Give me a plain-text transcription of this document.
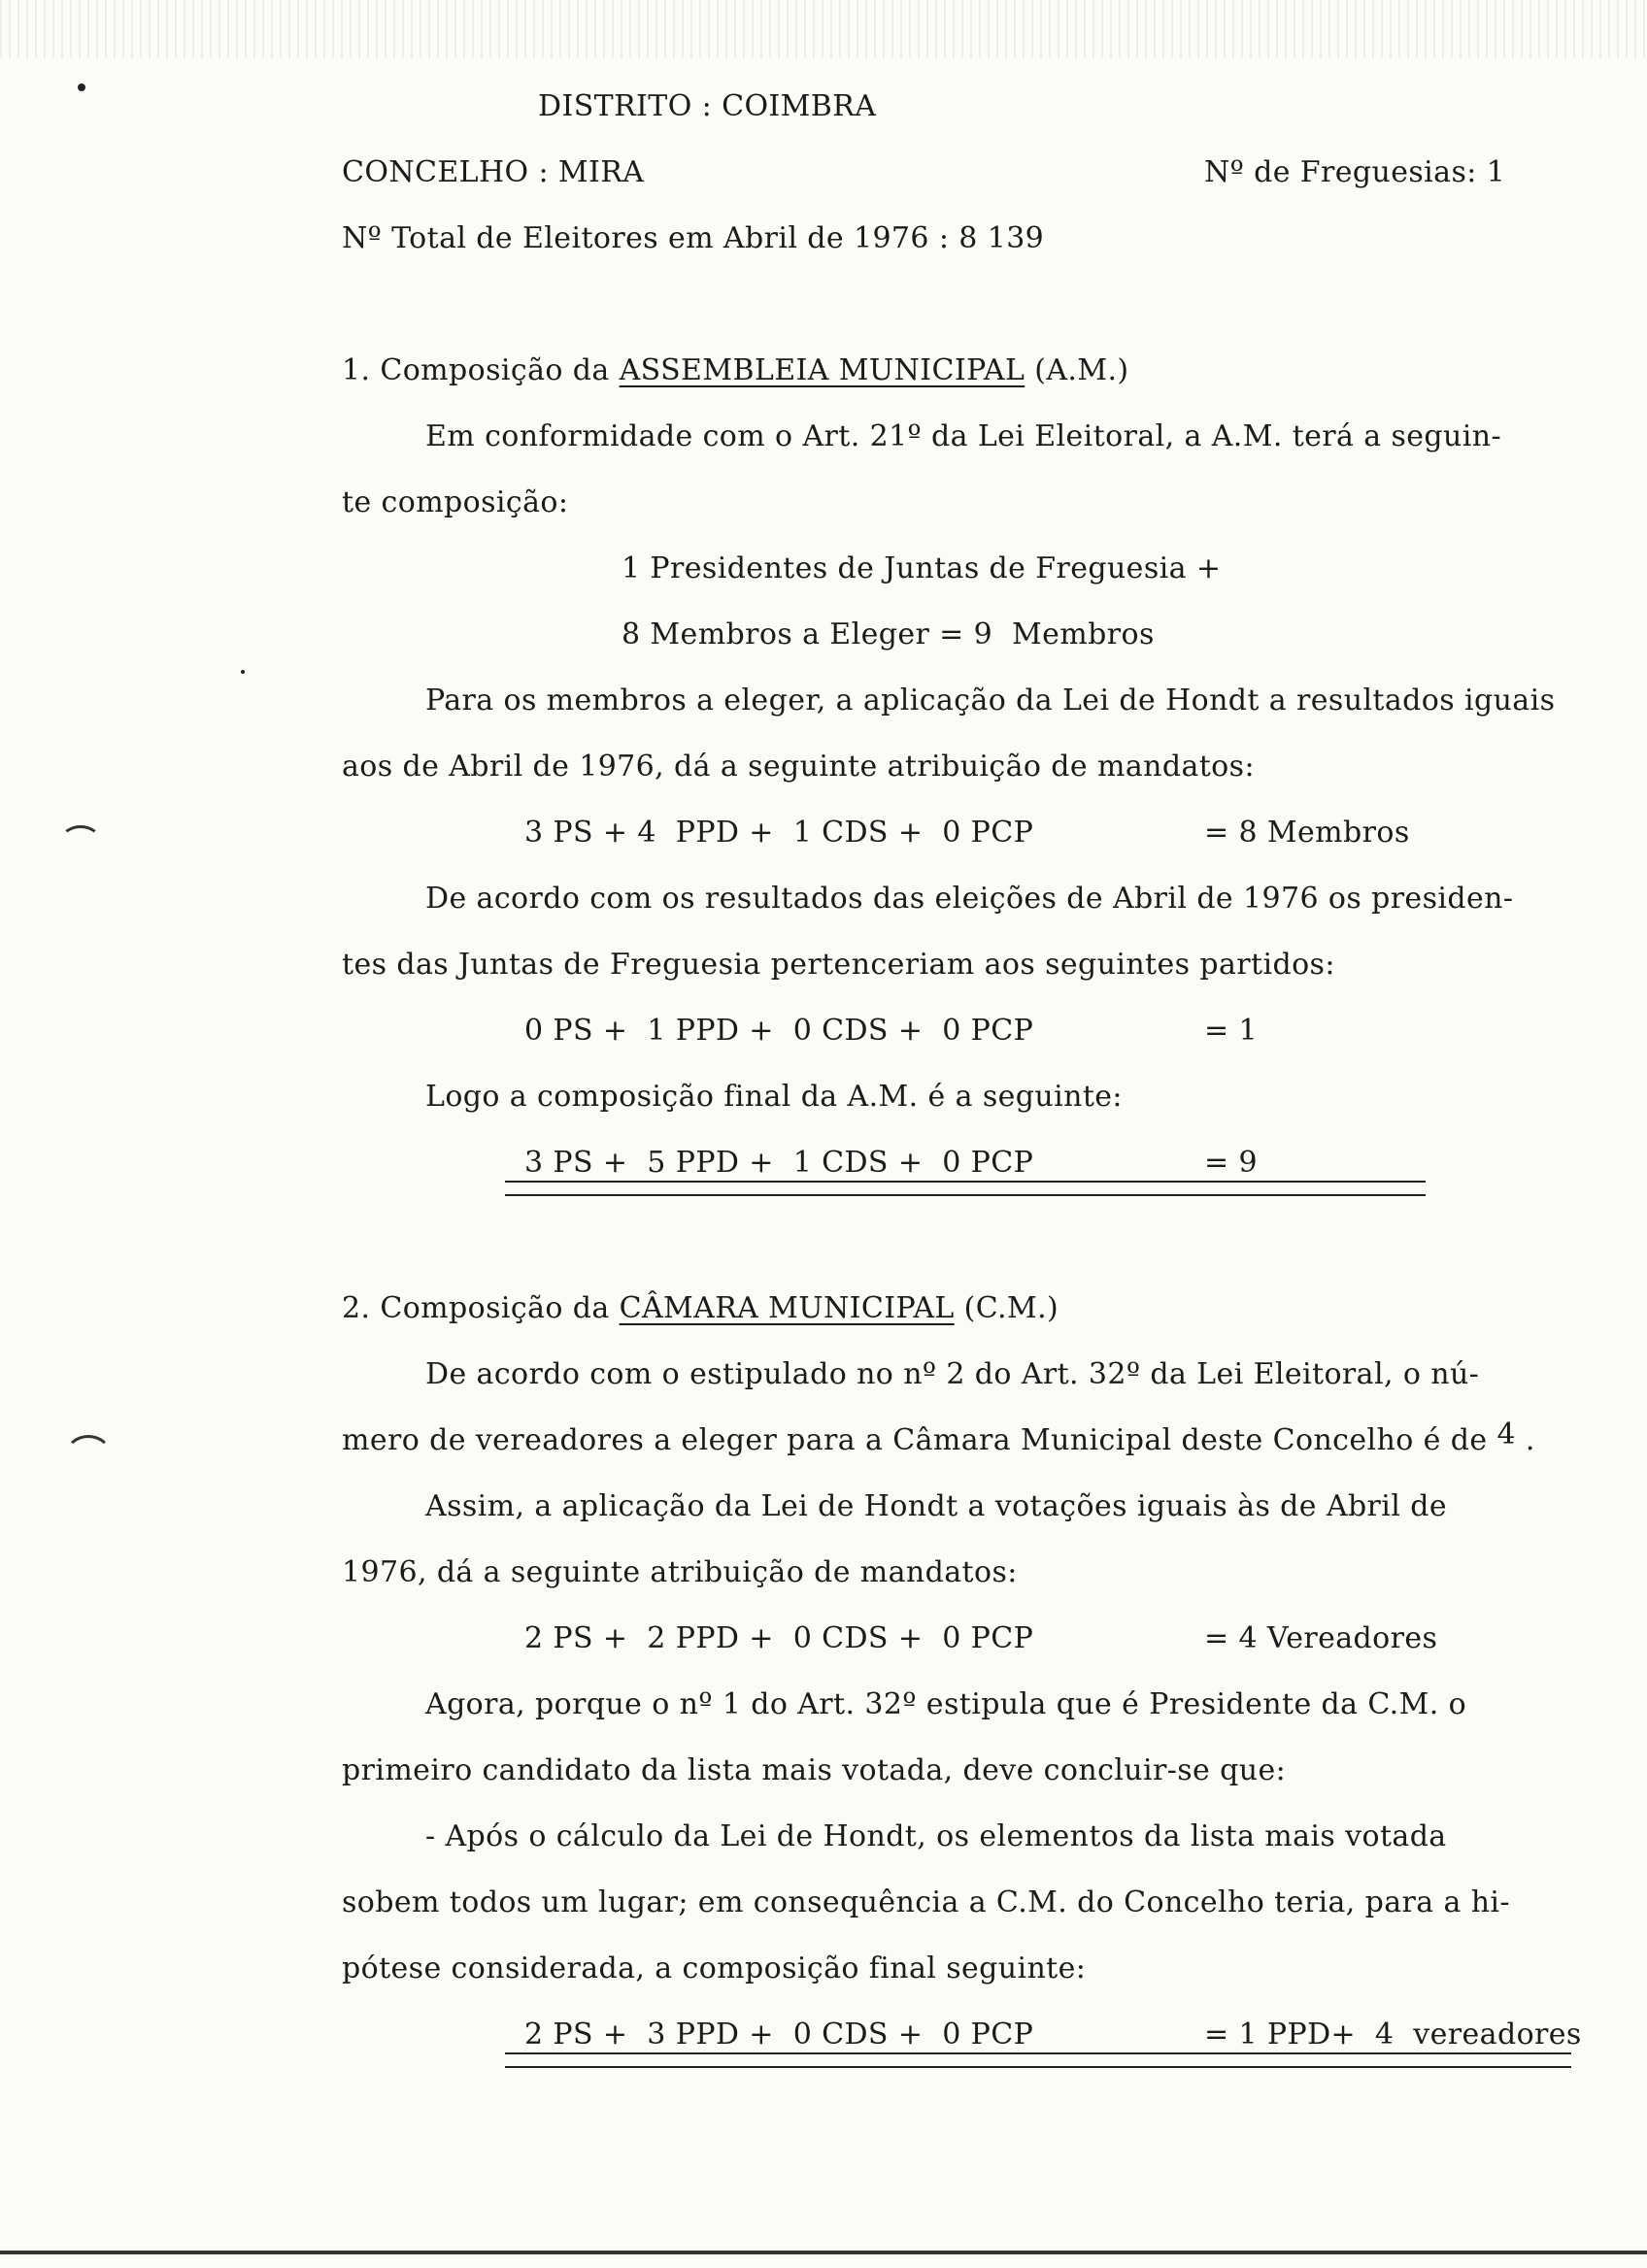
DISTRITO : COIMBRA
CONCELHO : MIRA	Nº de Freguesias: 1
Nº Total de Eleitores em Abril de 1976 : 8 139
1. Composição da ASSEMBLEIA MUNICIPAL (A.M.)
Em conformidade com o Art. 21º da Lei Eleitoral, a A.M. terá a seguin-
te composição:
1 Presidentes de Juntas de Freguesia +
8 Membros a Eleger = 9  Membros
Para os membros a eleger, a aplicação da Lei de Hondt a resultados iguais
aos de Abril de 1976, dá a seguinte atribuição de mandatos:
3 PS + 4  PPD +  1 CDS +  0 PCP	= 8 Membros
De acordo com os resultados das eleições de Abril de 1976 os presiden-
tes das Juntas de Freguesia pertenceriam aos seguintes partidos:
0 PS +  1 PPD +  0 CDS +  0 PCP	= 1
Logo a composição final da A.M. é a seguinte:
3 PS +  5 PPD +  1 CDS +  0 PCP	= 9
2. Composição da CÂMARA MUNICIPAL (C.M.)
De acordo com o estipulado no nº 2 do Art. 32º da Lei Eleitoral, o nú-
mero de vereadores a eleger para a Câmara Municipal deste Concelho é de 4 .
Assim, a aplicação da Lei de Hondt a votações iguais às de Abril de
1976, dá a seguinte atribuição de mandatos:
2 PS +  2 PPD +  0 CDS +  0 PCP	= 4 Vereadores
Agora, porque o nº 1 do Art. 32º estipula que é Presidente da C.M. o
primeiro candidato da lista mais votada, deve concluir-se que:
- Após o cálculo da Lei de Hondt, os elementos da lista mais votada
sobem todos um lugar; em consequência a C.M. do Concelho teria, para a hi-
pótese considerada, a composição final seguinte:
2 PS +  3 PPD +  0 CDS +  0 PCP	= 1 PPD+  4  vereadores
